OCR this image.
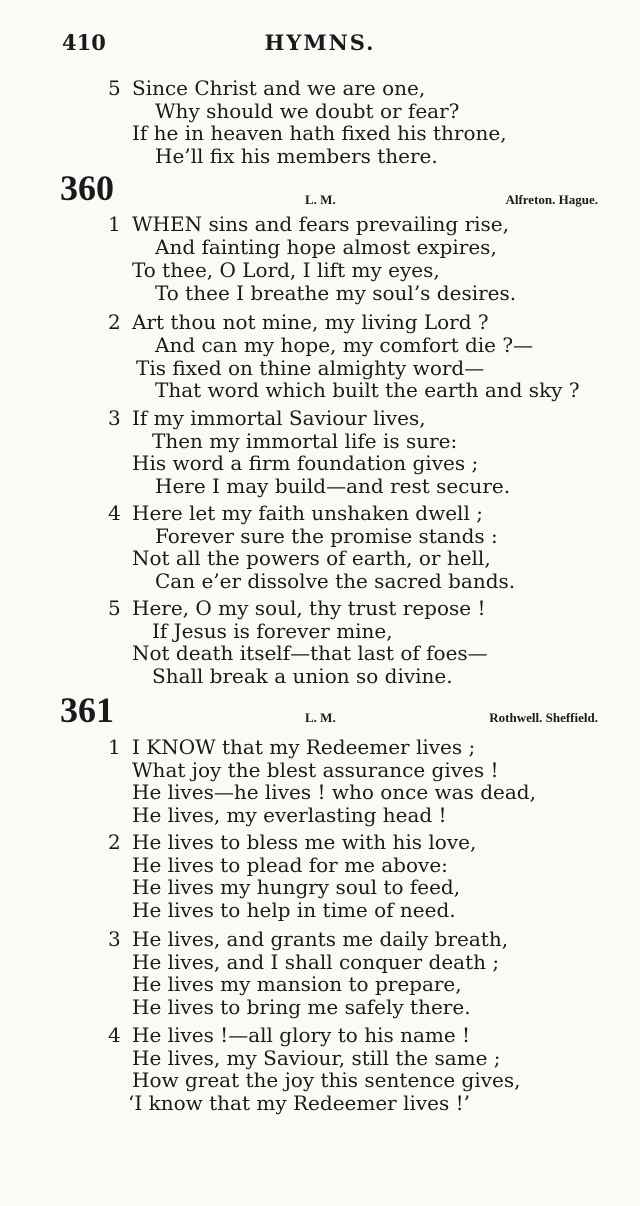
410	HYMNS.
5 Since Christ and we are one,
Why should we doubt or fear?
If he in heaven hath fixed his throne,
He’ll fix his members there.
360	L. M.	Alfreton. Hague.
1 WHEN sins and fears prevailing rise,
And fainting hope almost expires,
To thee, O Lord, I lift my eyes,
To thee I breathe my soul’s desires.
2 Art thou not mine, my living Lord ?
And can my hope, my comfort die ?—
Tis fixed on thine almighty word—
That word which built the earth and sky ?
3 If my immortal Saviour lives,
Then my immortal life is sure:
His word a firm foundation gives ;
Here I may build—and rest secure.
4 Here let my faith unshaken dwell ;
Forever sure the promise stands :
Not all the powers of earth, or hell,
Can e’er dissolve the sacred bands.
5 Here, O my soul, thy trust repose !
If Jesus is forever mine,
Not death itself—that last of foes—
Shall break a union so divine.
361	L. M.	Rothwell. Sheffield.
1 I KNOW that my Redeemer lives ;
What joy the blest assurance gives !
He lives—he lives ! who once was dead,
He lives, my everlasting head !
2 He lives to bless me with his love,
He lives to plead for me above:
He lives my hungry soul to feed,
He lives to help in time of need.
3 He lives, and grants me daily breath,
He lives, and I shall conquer death ;
He lives my mansion to prepare,
He lives to bring me safely there.
4 He lives !—all glory to his name !
He lives, my Saviour, still the same ;
How great the joy this sentence gives,
‘I know that my Redeemer lives !’
